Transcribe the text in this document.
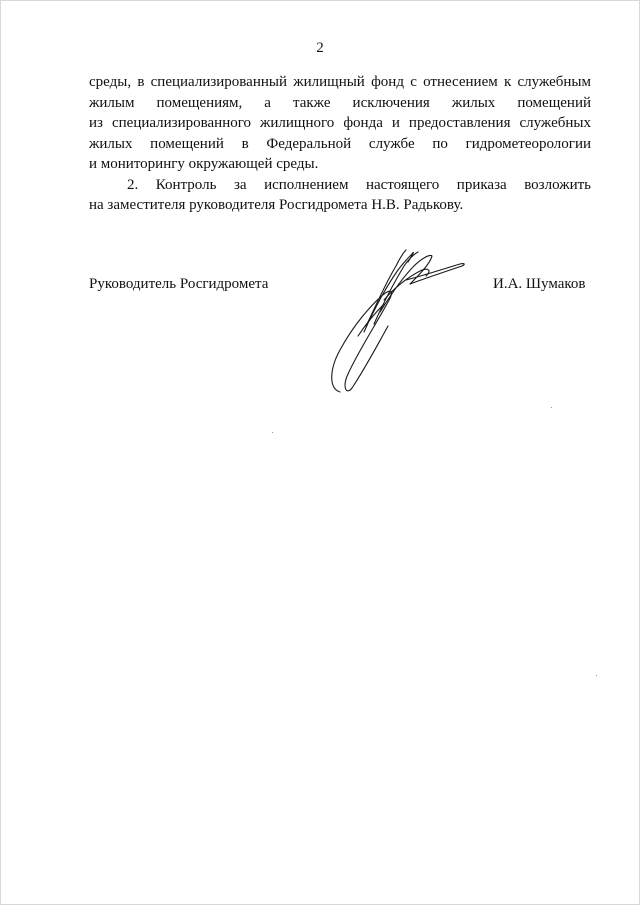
2
среды, в специализированный жилищный фонд с отнесением к служебным
жилым помещениям, а также исключения жилых помещений
из специализированного жилищного фонда и предоставления служебных
жилых помещений в Федеральной службе по гидрометеорологии
и мониторингу окружающей среды.
2. Контроль за исполнением настоящего приказа возложить
на заместителя руководителя Росгидромета Н.В. Радькову.
Руководитель Росгидромета	И.А. Шумаков
